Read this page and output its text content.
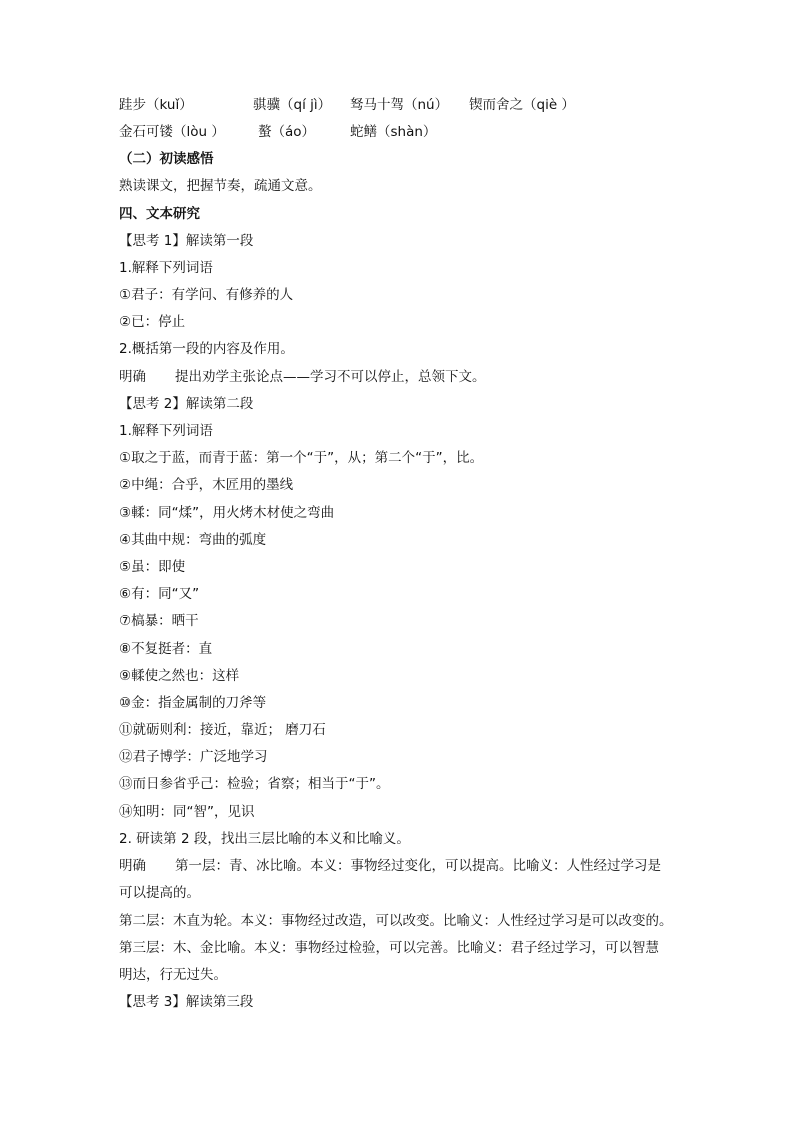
跬步（kuǐ）	骐骥（qí jì） 驽马十驾（nú） 锲而舍之（qiè ）
金石可镂（lòu ） 螯（áo）	蛇鳝（shàn）
（二）初读感悟
熟读课文，把握节奏，疏通文意。
四、文本研究
【思考 1】解读第一段
1.解释下列词语
①君子：有学问、有修养的人
②已：停止
2.概括第一段的内容及作用。
明确 提出劝学主张论点——学习不可以停止，总领下文。
【思考 2】解读第二段
1.解释下列词语
①取之于蓝，而青于蓝：第一个“于”，从；第二个“于”，比。
②中绳：合乎，木匠用的墨线
③輮：同“煣”，用火烤木材使之弯曲
④其曲中规：弯曲的弧度
⑤虽：即使
⑥有：同“又”
⑦槁暴：晒干
⑧不复挺者：直
⑨輮使之然也：这样
⑩金：指金属制的刀斧等
⑪就砺则利：接近，靠近； 磨刀石
⑫君子博学：广泛地学习
⑬而日参省乎己：检验；省察；相当于“于”。
⑭知明：同“智”，见识
2. 研读第 2 段，找出三层比喻的本义和比喻义。
明确 第一层：青、冰比喻。本义：事物经过变化，可以提高。比喻义：人性经过学习是
可以提高的。
第二层：木直为轮。本义：事物经过改造，可以改变。比喻义：人性经过学习是可以改变的。
第三层：木、金比喻。本义：事物经过检验，可以完善。比喻义：君子经过学习，可以智慧
明达，行无过失。
【思考 3】解读第三段
